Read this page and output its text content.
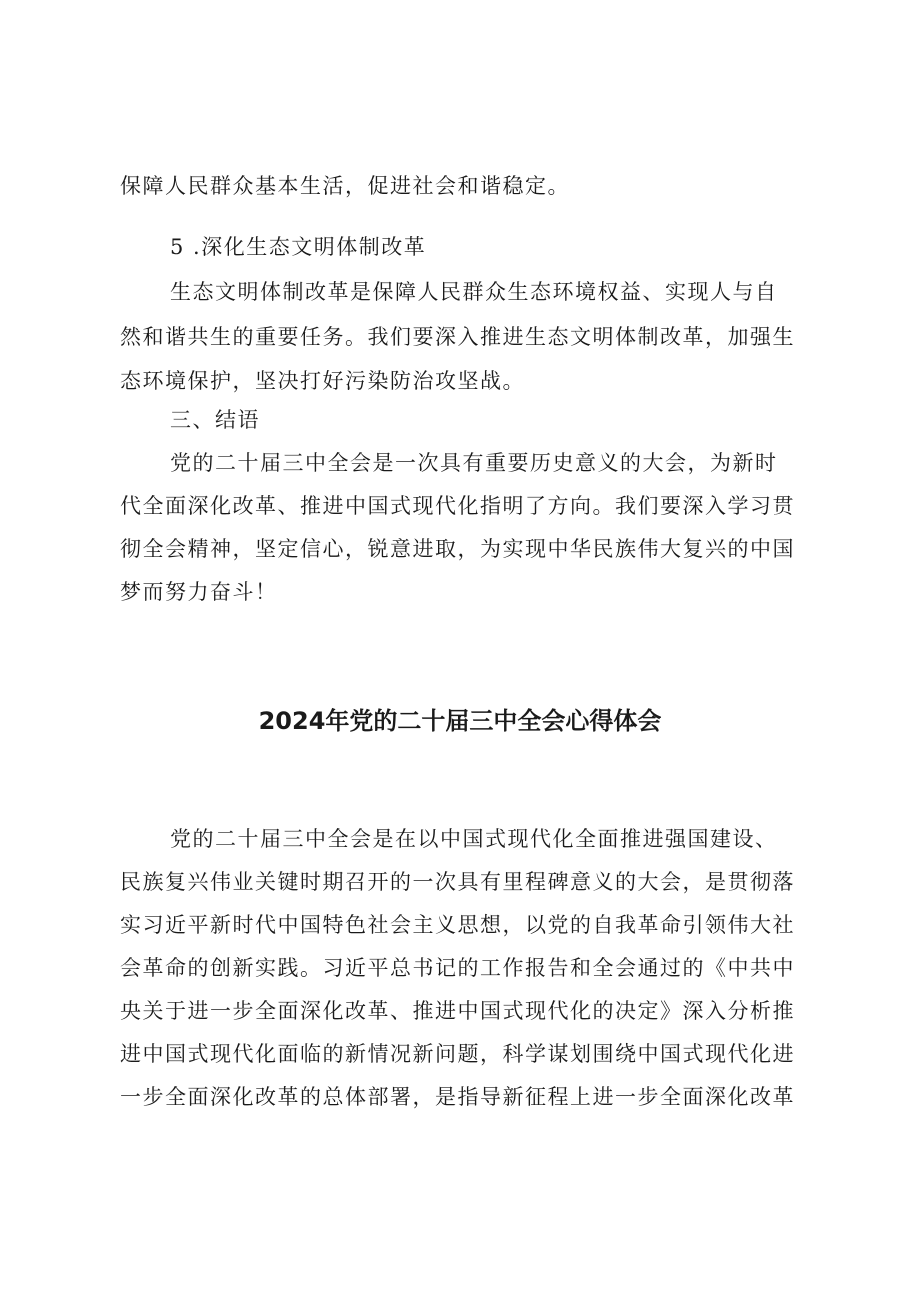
保障人民群众基本生活，促进社会和谐稳定。
5 .深化生态文明体制改革
生态文明体制改革是保障人民群众生态环境权益、实现人与自
然和谐共生的重要任务。我们要深入推进生态文明体制改革，加强生
态环境保护，坚决打好污染防治攻坚战。
三、结语
党的二十届三中全会是一次具有重要历史意义的大会，为新时
代全面深化改革、推进中国式现代化指明了方向。我们要深入学习贯
彻全会精神，坚定信心，锐意进取，为实现中华民族伟大复兴的中国
梦而努力奋斗！
2024年党的二十届三中全会心得体会
党的二十届三中全会是在以中国式现代化全面推进强国建设、
民族复兴伟业关键时期召开的一次具有里程碑意义的大会，是贯彻落
实习近平新时代中国特色社会主义思想，以党的自我革命引领伟大社
会革命的创新实践。习近平总书记的工作报告和全会通过的《中共中
央关于进一步全面深化改革、推进中国式现代化的决定》深入分析推
进中国式现代化面临的新情况新问题，科学谋划围绕中国式现代化进
一步全面深化改革的总体部署，是指导新征程上进一步全面深化改革
